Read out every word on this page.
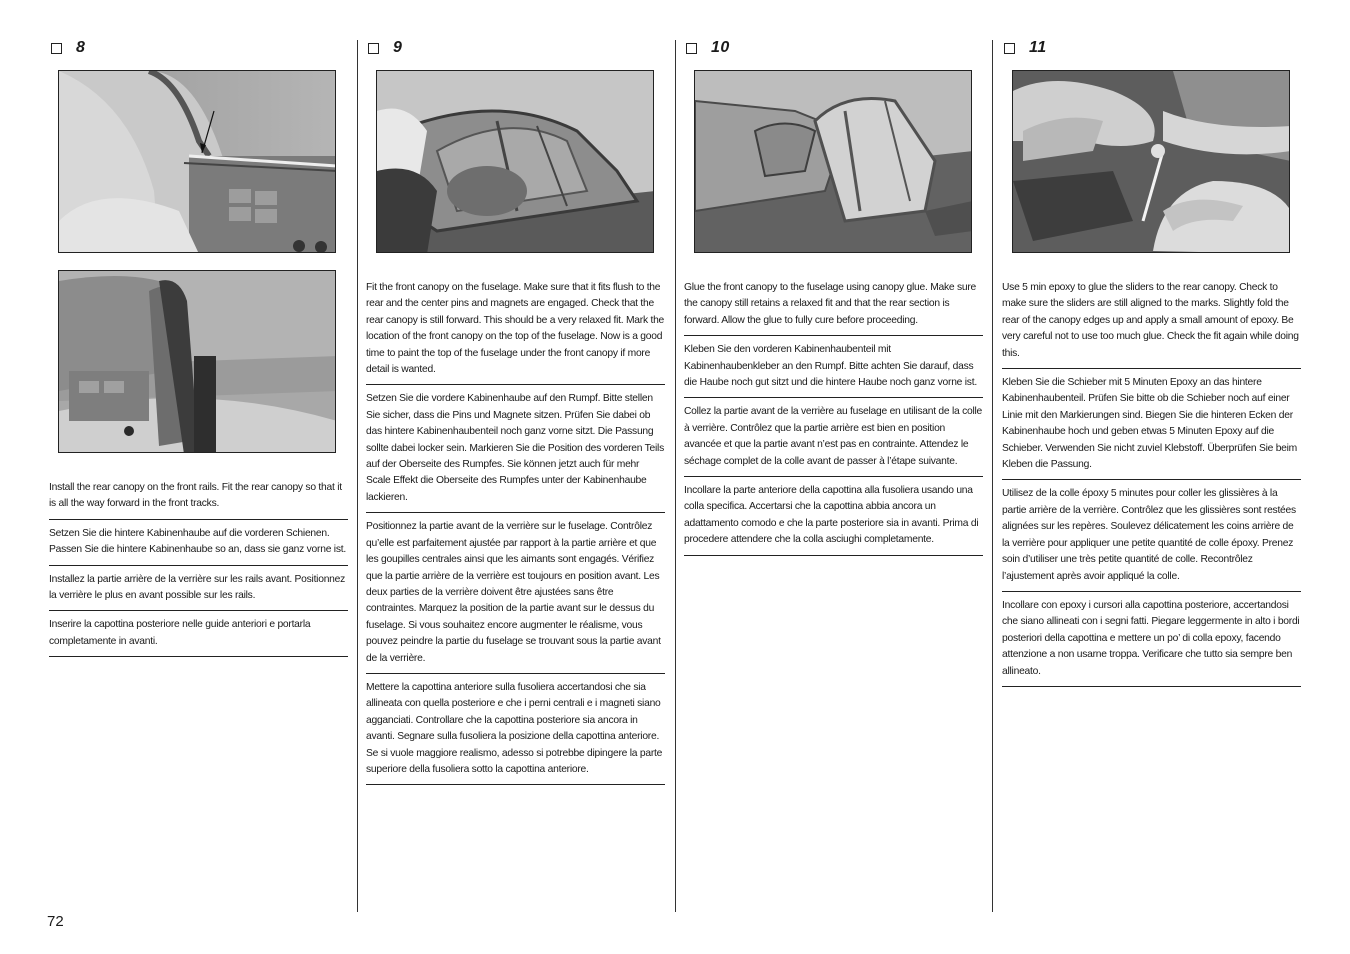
8
Install the rear canopy on the front rails. Fit the rear canopy so that it is all the way forward in the front tracks.
Setzen Sie die hintere Kabinenhaube auf die vorderen Schienen. Passen Sie die hintere Kabinenhaube so an, dass sie ganz vorne ist.
Installez la partie arrière de la verrière sur les rails avant. Positionnez la verrière le plus en avant possible sur les rails.
Inserire la capottina posteriore nelle guide anteriori e portarla completamente in avanti.
9
Fit the front canopy on the fuselage. Make sure that it fits flush to the rear and the center pins and magnets are engaged. Check that the rear canopy is still forward. This should be a very relaxed fit. Mark the location of the front canopy on the top of the fuselage. Now is a good time to paint the top of the fuselage under the front canopy if more detail is wanted.
Setzen Sie die vordere Kabinenhaube auf den Rumpf. Bitte stellen Sie sicher, dass die Pins und Magnete sitzen. Prüfen Sie dabei ob das hintere Kabinenhaubenteil noch ganz vorne sitzt. Die Passung sollte dabei locker sein. Markieren Sie die Position des vorderen Teils auf der Oberseite des Rumpfes. Sie können jetzt auch für mehr Scale Effekt die Oberseite des Rumpfes unter der Kabinenhaube lackieren.
Positionnez la partie avant de la verrière sur le fuselage. Contrôlez qu’elle est parfaitement ajustée par rapport à la partie arrière et que les goupilles centrales ainsi que les aimants sont engagés. Vérifiez que la partie arrière de la verrière est toujours en position avant. Les deux parties de la verrière doivent être ajustées sans être contraintes. Marquez la position de la partie avant sur le dessus du fuselage. Si vous souhaitez encore augmenter le réalisme, vous pouvez peindre la partie du fuselage se trouvant sous la partie avant de la verrière.
Mettere la capottina anteriore sulla fusoliera accertandosi che sia allineata con quella posteriore e che i perni centrali e i magneti siano agganciati. Controllare che la capottina posteriore sia ancora in avanti. Segnare sulla fusoliera la posizione della capottina anteriore. Se si vuole maggiore realismo, adesso si potrebbe dipingere la parte superiore della fusoliera sotto la capottina anteriore.
10
Glue the front canopy to the fuselage using canopy glue. Make sure the canopy still retains a relaxed fit and that the rear section is forward. Allow the glue to fully cure before proceeding.
Kleben Sie den vorderen Kabinenhaubenteil mit Kabinenhaubenkleber an den Rumpf. Bitte achten Sie darauf, dass die Haube noch gut sitzt und die hintere Haube noch ganz vorne ist.
Collez la partie avant de la verrière au fuselage en utilisant de la colle à verrière. Contrôlez que la partie arrière est bien en position avancée et que la partie avant n’est pas en contrainte. Attendez le séchage complet de la colle avant de passer à l’étape suivante.
Incollare la parte anteriore della capottina alla fusoliera usando una colla specifica. Accertarsi che la capottina abbia ancora un adattamento comodo e che la parte posteriore sia in avanti. Prima di procedere attendere che la colla asciughi completamente.
11
Use 5 min epoxy to glue the sliders to the rear canopy. Check to make sure the sliders are still aligned to the marks. Slightly fold the rear of the canopy edges up and apply a small amount of epoxy. Be very careful not to use too much glue. Check the fit again while doing this.
Kleben Sie die Schieber mit 5 Minuten Epoxy an das hintere Kabinenhaubenteil. Prüfen Sie bitte ob die Schieber noch auf einer Linie mit den Markierungen sind. Biegen Sie die hinteren Ecken der Kabinenhaube hoch und geben etwas 5 Minuten Epoxy auf die Schieber. Verwenden Sie nicht zuviel Klebstoff. Überprüfen Sie beim Kleben die Passung.
Utilisez de la colle époxy 5 minutes pour coller les glissières à la partie arrière de la verrière. Contrôlez que les glissières sont restées alignées sur les repères. Soulevez délicatement les coins arrière de la verrière pour appliquer une petite quantité de colle époxy. Prenez soin d’utiliser une très petite quantité de colle. Recontrôlez l’ajustement après avoir appliqué la colle.
Incollare con epoxy i cursori alla capottina posteriore, accertandosi che siano allineati con i segni fatti. Piegare leggermente in alto i bordi posteriori della capottina e mettere un po’ di colla epoxy, facendo attenzione a non usarne troppa. Verificare che tutto sia sempre ben allineato.
72
